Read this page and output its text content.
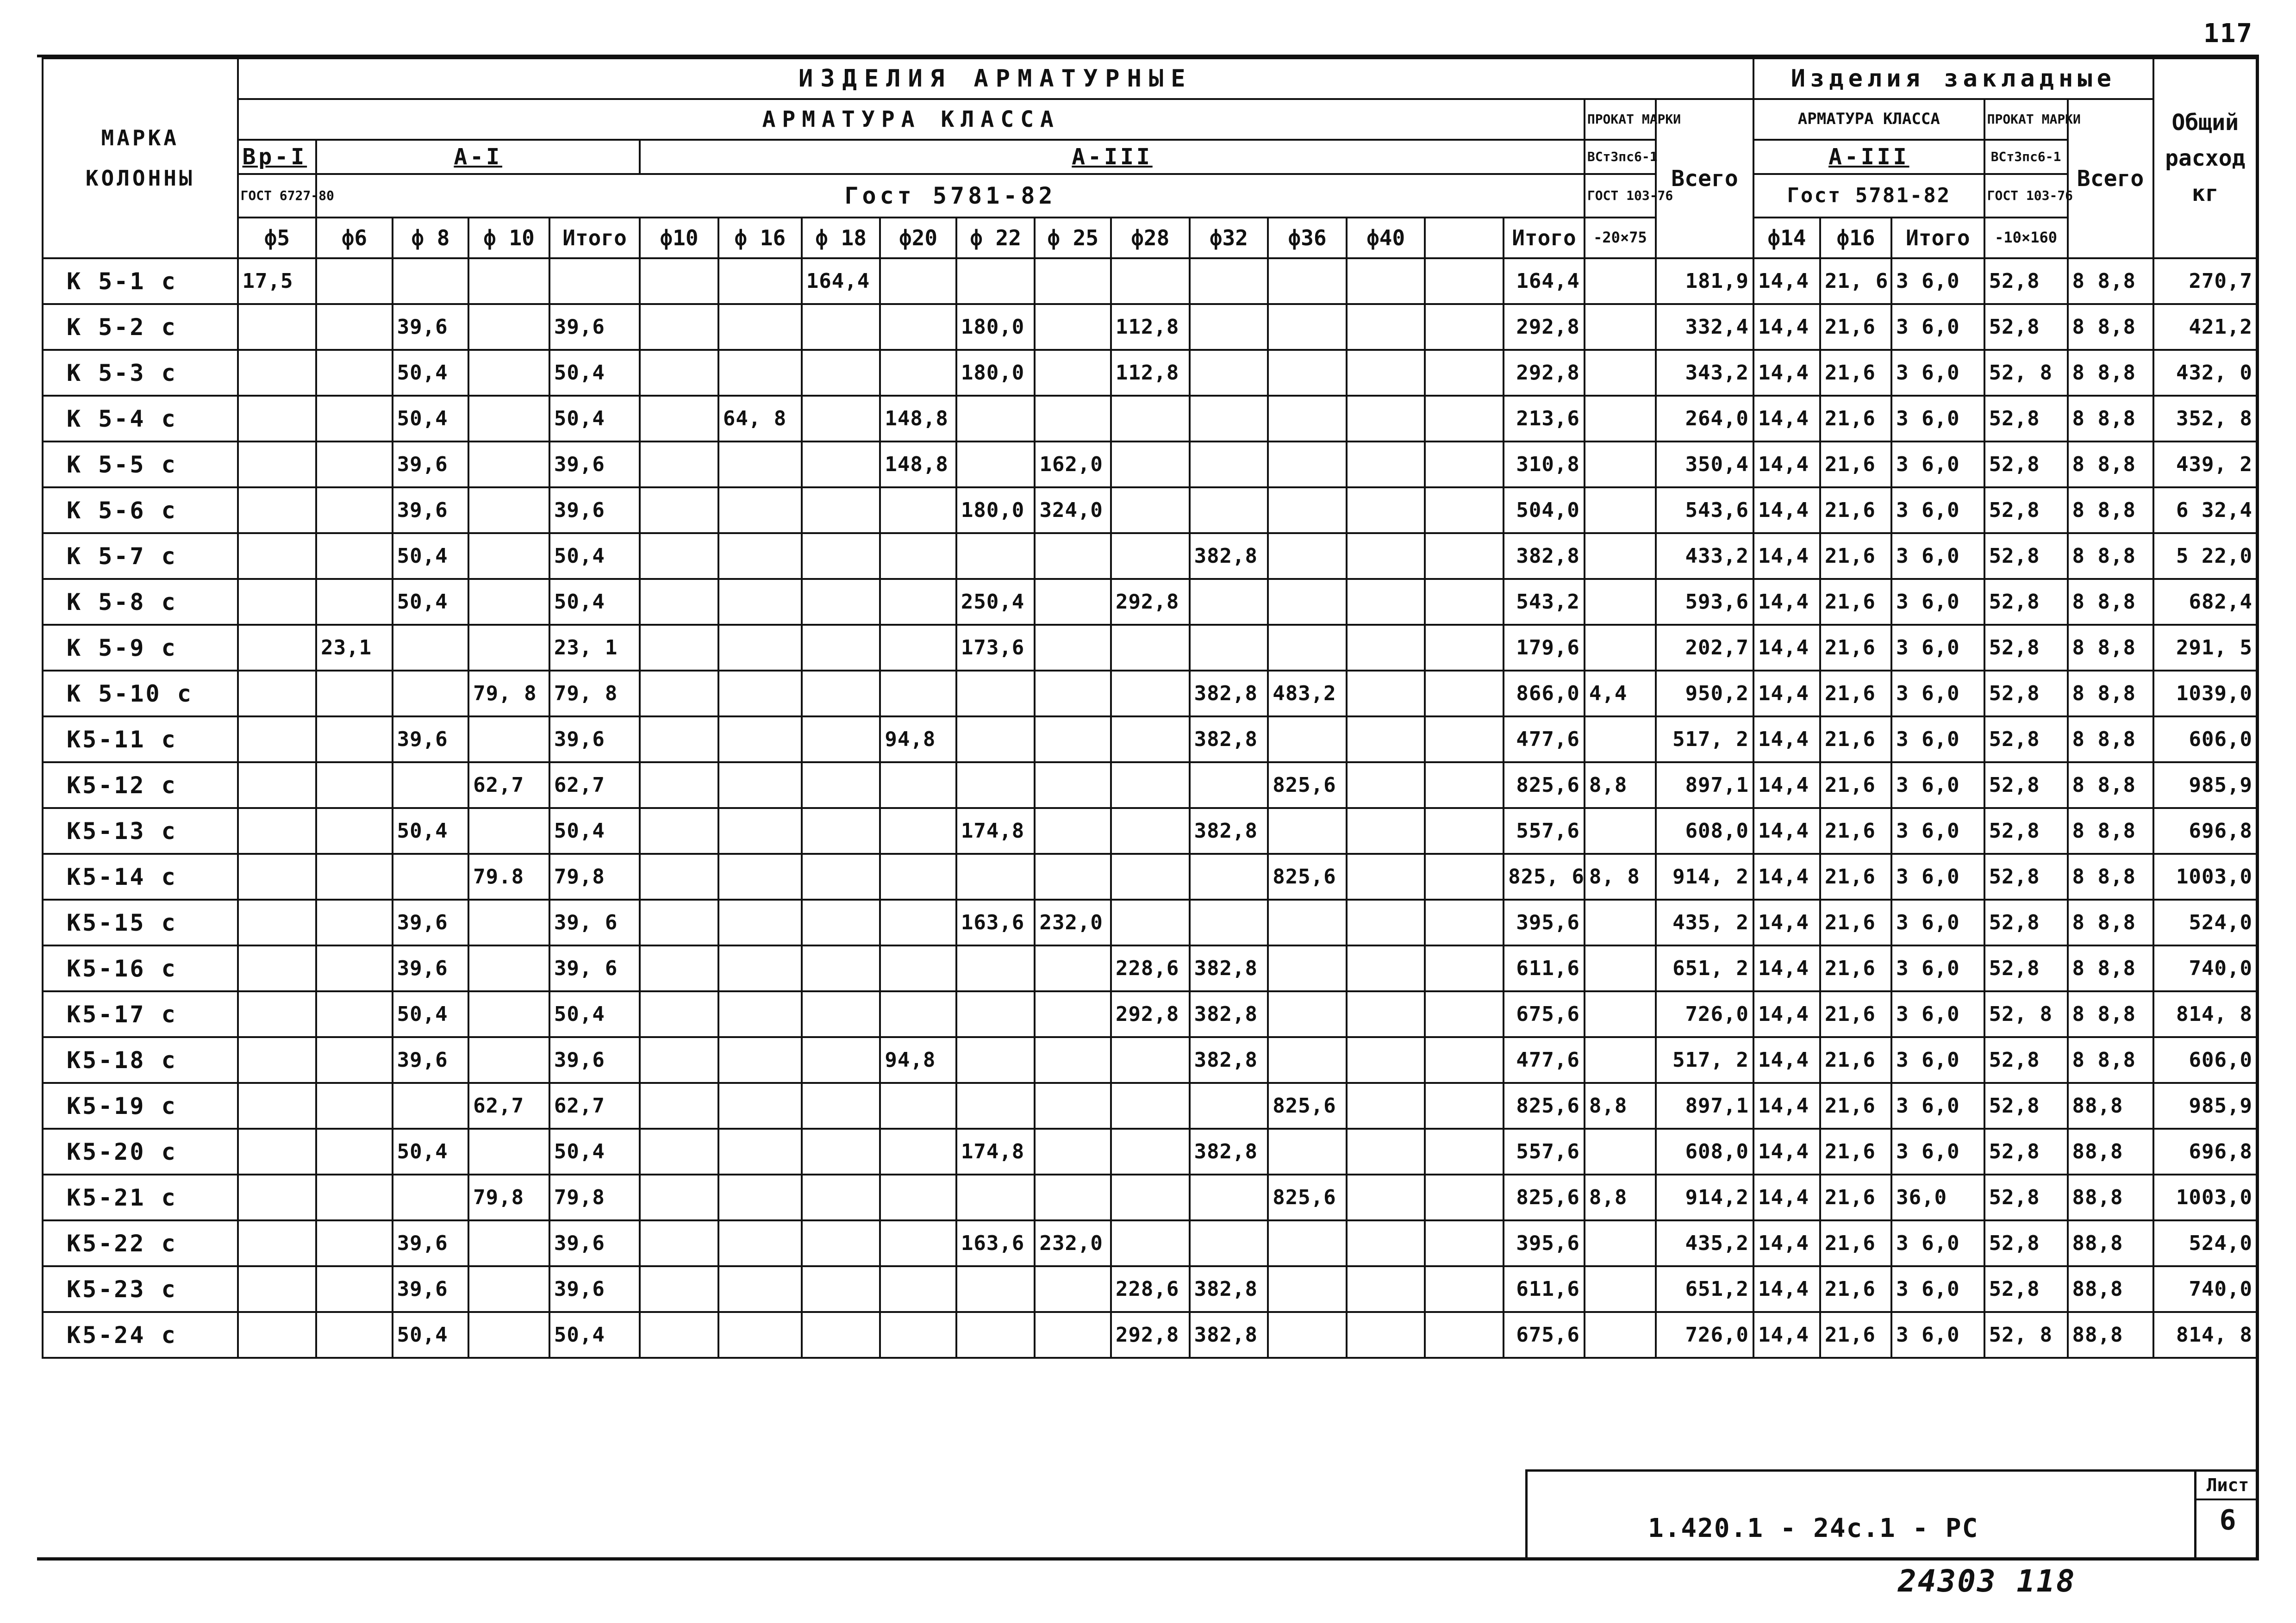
117
МАРКА КОЛОННЫ	ИЗДЕЛИЯ АРМАТУРНЫЕ																			Изделия закладные					Общий расход кг
	АРМАТУРА КЛАССА																	ПРОКАТ МАРКИ	Всего	АРМАТУРА КЛАССА			ПРОКАТ МАРКИ	Всего	
	Вр-I	А-I				А-III												ВСт3пс6-1		А-III			ВСт3пс6-1		
	ГОСТ 6727-80	Гост 5781-82																ГОСТ 103-76		Гост 5781-82			ГОСТ 103-76		
	ф5	ф6	ф 8	ф 10	Итого	ф10	ф 16	ф 18	ф20	ф 22	ф 25	ф28	ф32	ф36	ф40		Итого	-20×75		ф14	ф16	Итого	-10×160		
К 5-1 с	17,5							164,4									164,4		181,9	14,4	21, 6	3 6,0	52,8	8 8,8	270,7
К 5-2 с			39,6		39,6					180,0		112,8					292,8		332,4	14,4	21,6	3 6,0	52,8	8 8,8	421,2
К 5-3 с			50,4		50,4					180,0		112,8					292,8		343,2	14,4	21,6	3 6,0	52, 8	8 8,8	432, 0
К 5-4 с			50,4		50,4		64, 8		148,8								213,6		264,0	14,4	21,6	3 6,0	52,8	8 8,8	352, 8
К 5-5 с			39,6		39,6				148,8		162,0						310,8		350,4	14,4	21,6	3 6,0	52,8	8 8,8	439, 2
К 5-6 с			39,6		39,6					180,0	324,0						504,0		543,6	14,4	21,6	3 6,0	52,8	8 8,8	6 32,4
К 5-7 с			50,4		50,4								382,8				382,8		433,2	14,4	21,6	3 6,0	52,8	8 8,8	5 22,0
К 5-8 с			50,4		50,4					250,4		292,8					543,2		593,6	14,4	21,6	3 6,0	52,8	8 8,8	682,4
К 5-9 с		23,1			23, 1					173,6							179,6		202,7	14,4	21,6	3 6,0	52,8	8 8,8	291, 5
К 5-10 с				79, 8	79, 8								382,8	483,2			866,0	4,4	950,2	14,4	21,6	3 6,0	52,8	8 8,8	1039,0
К5-11 с			39,6		39,6				94,8				382,8				477,6		517, 2	14,4	21,6	3 6,0	52,8	8 8,8	606,0
К5-12 с				62,7	62,7									825,6			825,6	8,8	897,1	14,4	21,6	3 6,0	52,8	8 8,8	985,9
К5-13 с			50,4		50,4					174,8			382,8				557,6		608,0	14,4	21,6	3 6,0	52,8	8 8,8	696,8
К5-14 с				79.8	79,8									825,6			825, 6	8, 8	914, 2	14,4	21,6	3 6,0	52,8	8 8,8	1003,0
К5-15 с			39,6		39, 6					163,6	232,0						395,6		435, 2	14,4	21,6	3 6,0	52,8	8 8,8	524,0
К5-16 с			39,6		39, 6							228,6	382,8				611,6		651, 2	14,4	21,6	3 6,0	52,8	8 8,8	740,0
К5-17 с			50,4		50,4							292,8	382,8				675,6		726,0	14,4	21,6	3 6,0	52, 8	8 8,8	814, 8
К5-18 с			39,6		39,6				94,8				382,8				477,6		517, 2	14,4	21,6	3 6,0	52,8	8 8,8	606,0
К5-19 с				62,7	62,7									825,6			825,6	8,8	897,1	14,4	21,6	3 6,0	52,8	88,8	985,9
К5-20 с			50,4		50,4					174,8			382,8				557,6		608,0	14,4	21,6	3 6,0	52,8	88,8	696,8
К5-21 с				79,8	79,8									825,6			825,6	8,8	914,2	14,4	21,6	36,0	52,8	88,8	1003,0
К5-22 с			39,6		39,6					163,6	232,0						395,6		435,2	14,4	21,6	3 6,0	52,8	88,8	524,0
К5-23 с			39,6		39,6							228,6	382,8				611,6		651,2	14,4	21,6	3 6,0	52,8	88,8	740,0
К5-24 с			50,4		50,4							292,8	382,8				675,6		726,0	14,4	21,6	3 6,0	52, 8	88,8	814, 8

1.420.1 - 24с.1 - РС
Лист
6
24303 118
